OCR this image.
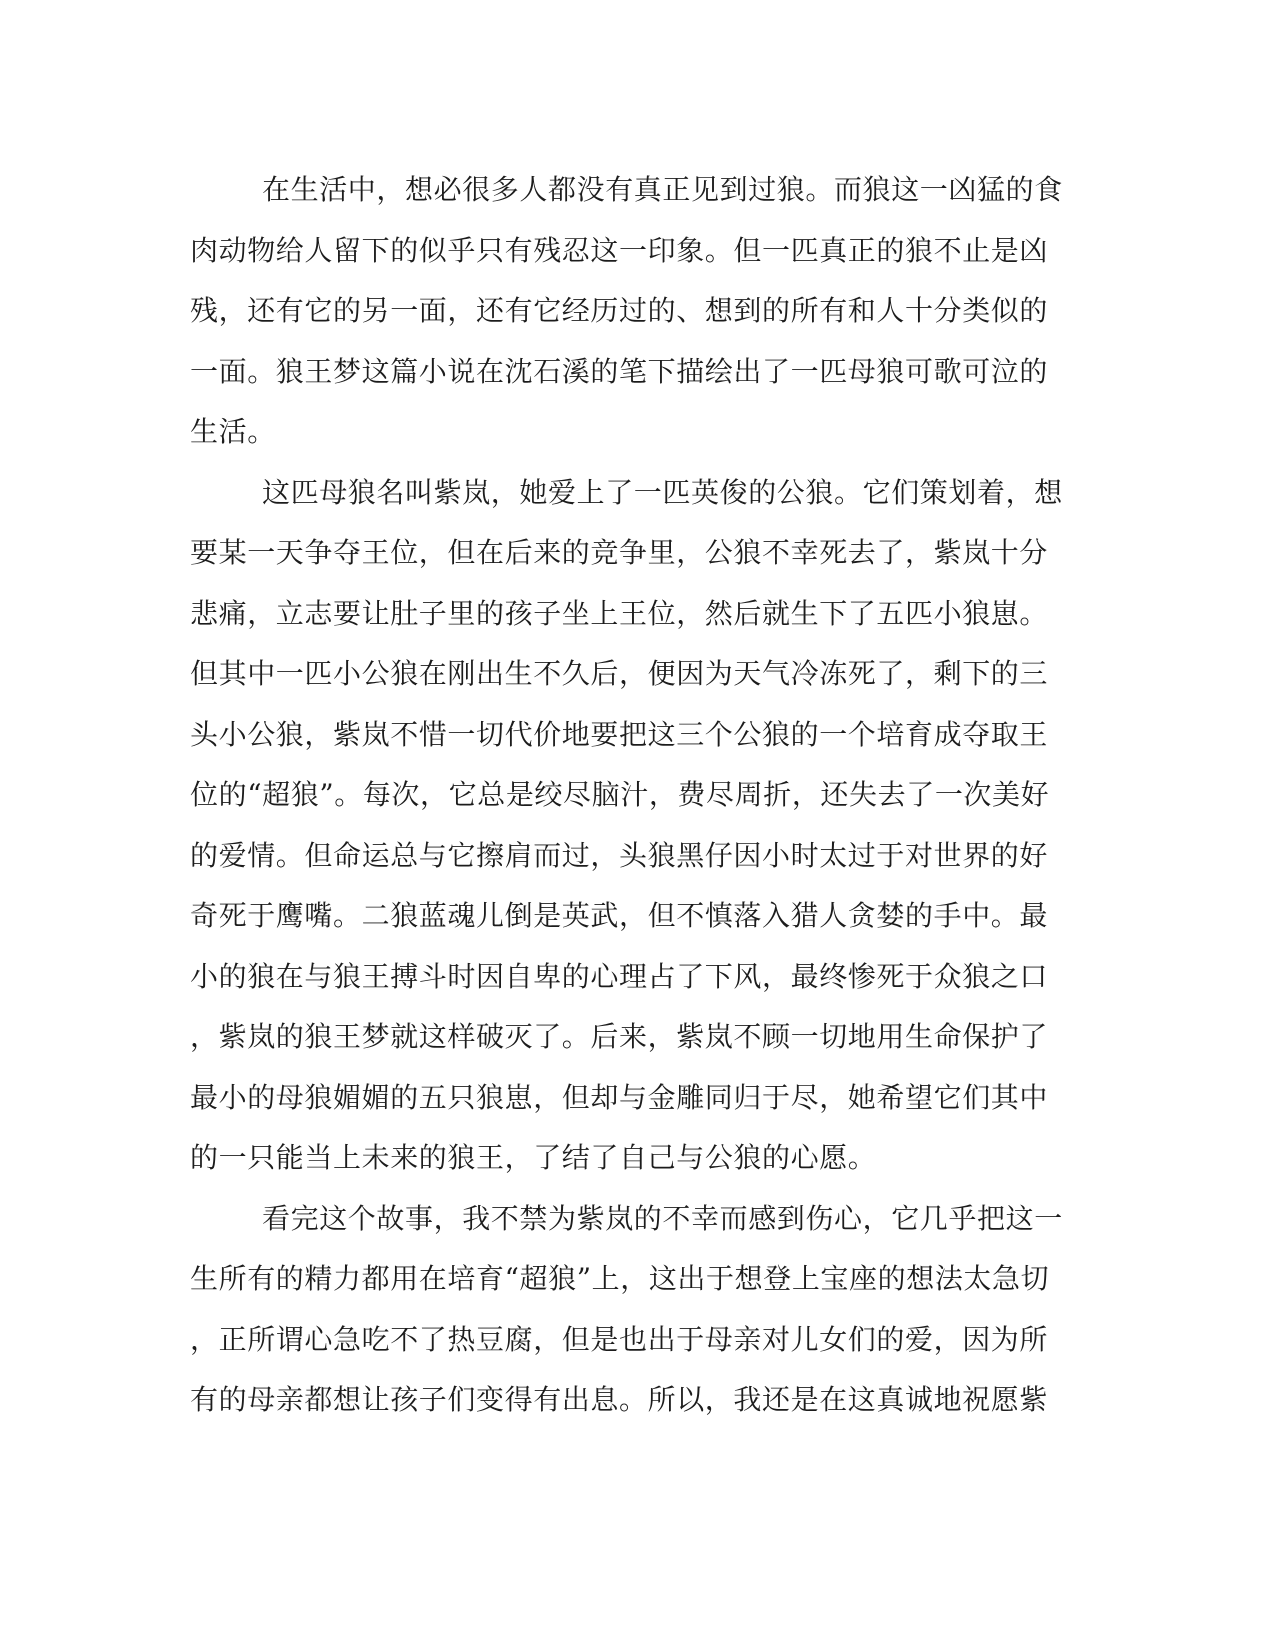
在生活中，想必很多人都没有真正见到过狼。而狼这一凶猛的食
肉动物给人留下的似乎只有残忍这一印象。但一匹真正的狼不止是凶
残，还有它的另一面，还有它经历过的、想到的所有和人十分类似的
一面。狼王梦这篇小说在沈石溪的笔下描绘出了一匹母狼可歌可泣的
生活。
这匹母狼名叫紫岚，她爱上了一匹英俊的公狼。它们策划着，想
要某一天争夺王位，但在后来的竞争里，公狼不幸死去了，紫岚十分
悲痛，立志要让肚子里的孩子坐上王位，然后就生下了五匹小狼崽。
但其中一匹小公狼在刚出生不久后，便因为天气冷冻死了，剩下的三
头小公狼，紫岚不惜一切代价地要把这三个公狼的一个培育成夺取王
位的“超狼”。每次，它总是绞尽脑汁，费尽周折，还失去了一次美好
的爱情。但命运总与它擦肩而过，头狼黑仔因小时太过于对世界的好
奇死于鹰嘴。二狼蓝魂儿倒是英武，但不慎落入猎人贪婪的手中。最
小的狼在与狼王搏斗时因自卑的心理占了下风，最终惨死于众狼之口
，紫岚的狼王梦就这样破灭了。后来，紫岚不顾一切地用生命保护了
最小的母狼媚媚的五只狼崽，但却与金雕同归于尽，她希望它们其中
的一只能当上未来的狼王，了结了自己与公狼的心愿。
看完这个故事，我不禁为紫岚的不幸而感到伤心，它几乎把这一
生所有的精力都用在培育“超狼”上，这出于想登上宝座的想法太急切
，正所谓心急吃不了热豆腐，但是也出于母亲对儿女们的爱，因为所
有的母亲都想让孩子们变得有出息。所以，我还是在这真诚地祝愿紫
